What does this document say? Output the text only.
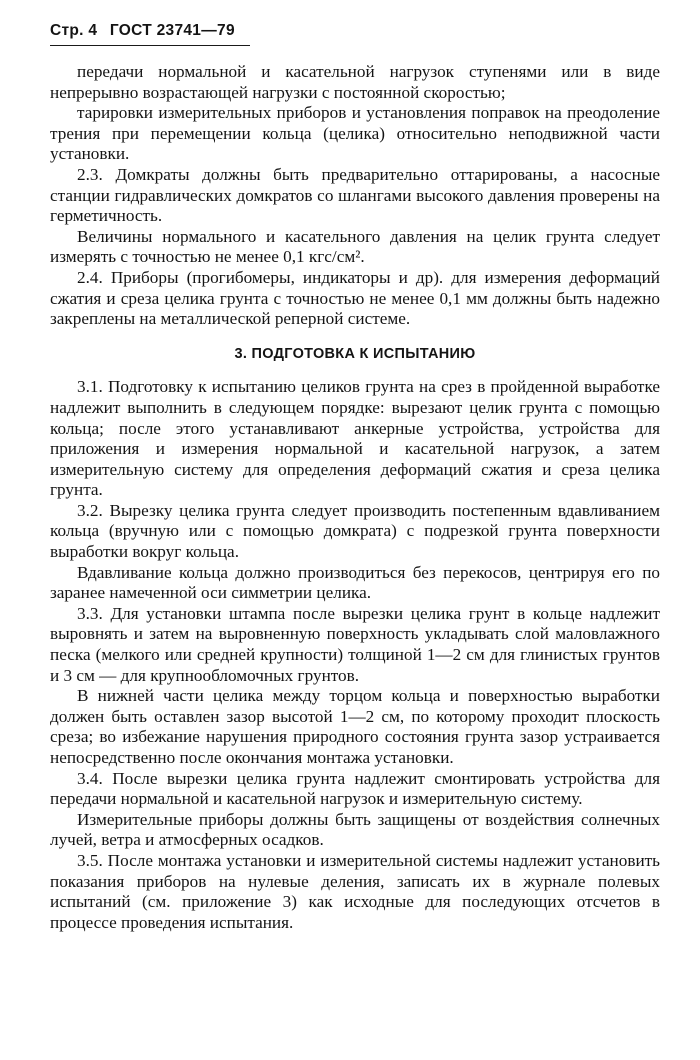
Стр. 4 ГОСТ 23741—79

передачи нормальной и касательной нагрузок ступенями или в виде непрерывно возрастающей нагрузки с постоянной скоростью;

тарировки измерительных приборов и установления поправок на преодоление трения при перемещении кольца (целика) относительно неподвижной части установки.

2.3. Домкраты должны быть предварительно оттарированы, а насосные станции гидравлических домкратов со шлангами высокого давления проверены на герметичность.

Величины нормального и касательного давления на целик грунта следует измерять с точностью не менее 0,1 кгс/см².

2.4. Приборы (прогибомеры, индикаторы и др). для измерения деформаций сжатия и среза целика грунта с точностью не менее 0,1 мм должны быть надежно закреплены на металлической реперной системе.

3. ПОДГОТОВКА К ИСПЫТАНИЮ

3.1. Подготовку к испытанию целиков грунта на срез в пройденной выработке надлежит выполнить в следующем порядке: вырезают целик грунта с помощью кольца; после этого устанавливают анкерные устройства, устройства для приложения и измерения нормальной и касательной нагрузок, а затем измерительную систему для определения деформаций сжатия и среза целика грунта.

3.2. Вырезку целика грунта следует производить постепенным вдавливанием кольца (вручную или с помощью домкрата) с подрезкой грунта поверхности выработки вокруг кольца.

Вдавливание кольца должно производиться без перекосов, центрируя его по заранее намеченной оси симметрии целика.

3.3. Для установки штампа после вырезки целика грунт в кольце надлежит выровнять и затем на выровненную поверхность укладывать слой маловлажного песка (мелкого или средней крупности) толщиной 1—2 см для глинистых грунтов и 3 см — для крупнообломочных грунтов.

В нижней части целика между торцом кольца и поверхностью выработки должен быть оставлен зазор высотой 1—2 см, по которому проходит плоскость среза; во избежание нарушения природного состояния грунта зазор устраивается непосредственно после окончания монтажа установки.

3.4. После вырезки целика грунта надлежит смонтировать устройства для передачи нормальной и касательной нагрузок и измерительную систему.

Измерительные приборы должны быть защищены от воздействия солнечных лучей, ветра и атмосферных осадков.

3.5. После монтажа установки и измерительной системы надлежит установить показания приборов на нулевые деления, записать их в журнале полевых испытаний (см. приложение 3) как исходные для последующих отсчетов в процессе проведения испытания.
